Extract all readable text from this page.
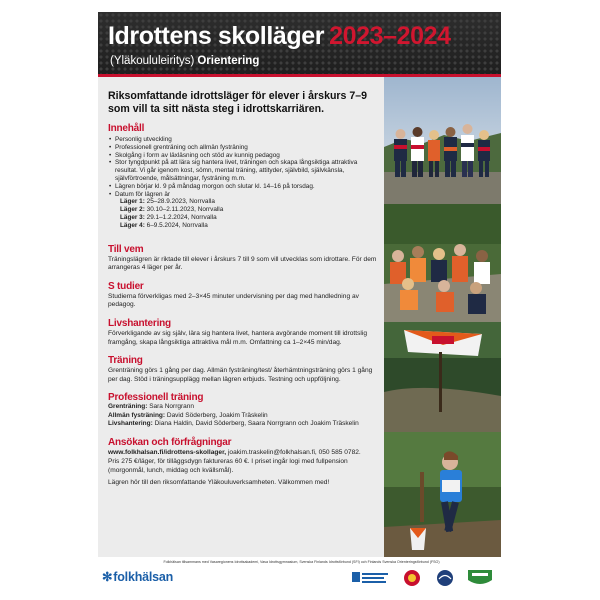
Idrottens skolläger 2023–2024
(Yläkoululeiritys) Orientering

Riksomfattande idrottsläger för elever i årskurs 7–9 som vill ta sitt nästa steg i idrottskarriären.

Innehåll
• Personlig utveckling
• Professionell grenträning och allmän fysträning
• Skolgång i form av läxläsning och stöd av kunnig pedagog
• Stor tyngdpunkt på att lära sig hantera livet, träningen och skapa långsiktiga attraktiva resultat. Vi går igenom kost, sömn, mental träning, attityder, självbild, självkänsla, självförtroende, målsättningar, fysträning m.m.
• Lägren börjar kl. 9 på måndag morgon och slutar kl. 14–16 på torsdag.
• Datum för lägren är
Läger 1: 25–28.9.2023, Norrvalla
Läger 2: 30.10–2.11.2023, Norrvalla
Läger 3: 29.1–1.2.2024, Norrvalla
Läger 4: 6–9.5.2024, Norrvalla
Till vem

Träningslägren är riktade till elever i årskurs 7 till 9 som vill utvecklas som idrottare. För dem arrangeras 4 läger per år.

S tudier

Studierna förverkligas med 2–3×45 minuter undervisning per dag med handledning av pedagog.

Livshantering

Förverkligande av sig själv, lära sig hantera livet, hantera avgörande moment till idrottslig framgång, skapa långsiktiga attraktiva mål m.m. Omfattning ca 1–2×45 min/dag.

Träning

Grenträning görs 1 gång per dag. Allmän fysträning/test/ återhämtningsträning görs 1 gång per dag. Stöd i träningsupplägg mellan lägren erbjuds. Testning och uppföljning.

Professionell träning
Grenträning: Sara Norrgrann
Allmän fysträning: David Söderberg, Joakim Träskelin
Livshantering: Diana Haldin, David Söderberg, Saara Norrgrann och Joakim Träskelin
Ansökan och förfrågningar

www.folkhalsan.fi/idrottens-skollager, joakim.traskelin@folkhalsan.fi, 050 585 0782.

Pris 275 €/läger, för tilläggsdygn faktureras 60 €. I priset ingår logi med fullpension (morgonmål, lunch, middag och kvällsmål).

Lägren hör till den riksomfattande Yläkouluverksamheten. Välkommen med!

Folkhälsan tillsammans med Vasaregionens Idrottsakademi, Vasa Idrottsgymnasium, Svenska Finlands Idrottsförbund (SFI) och Finlands Svenska Orienteringsförbund (FSO)
✻folkhälsan
